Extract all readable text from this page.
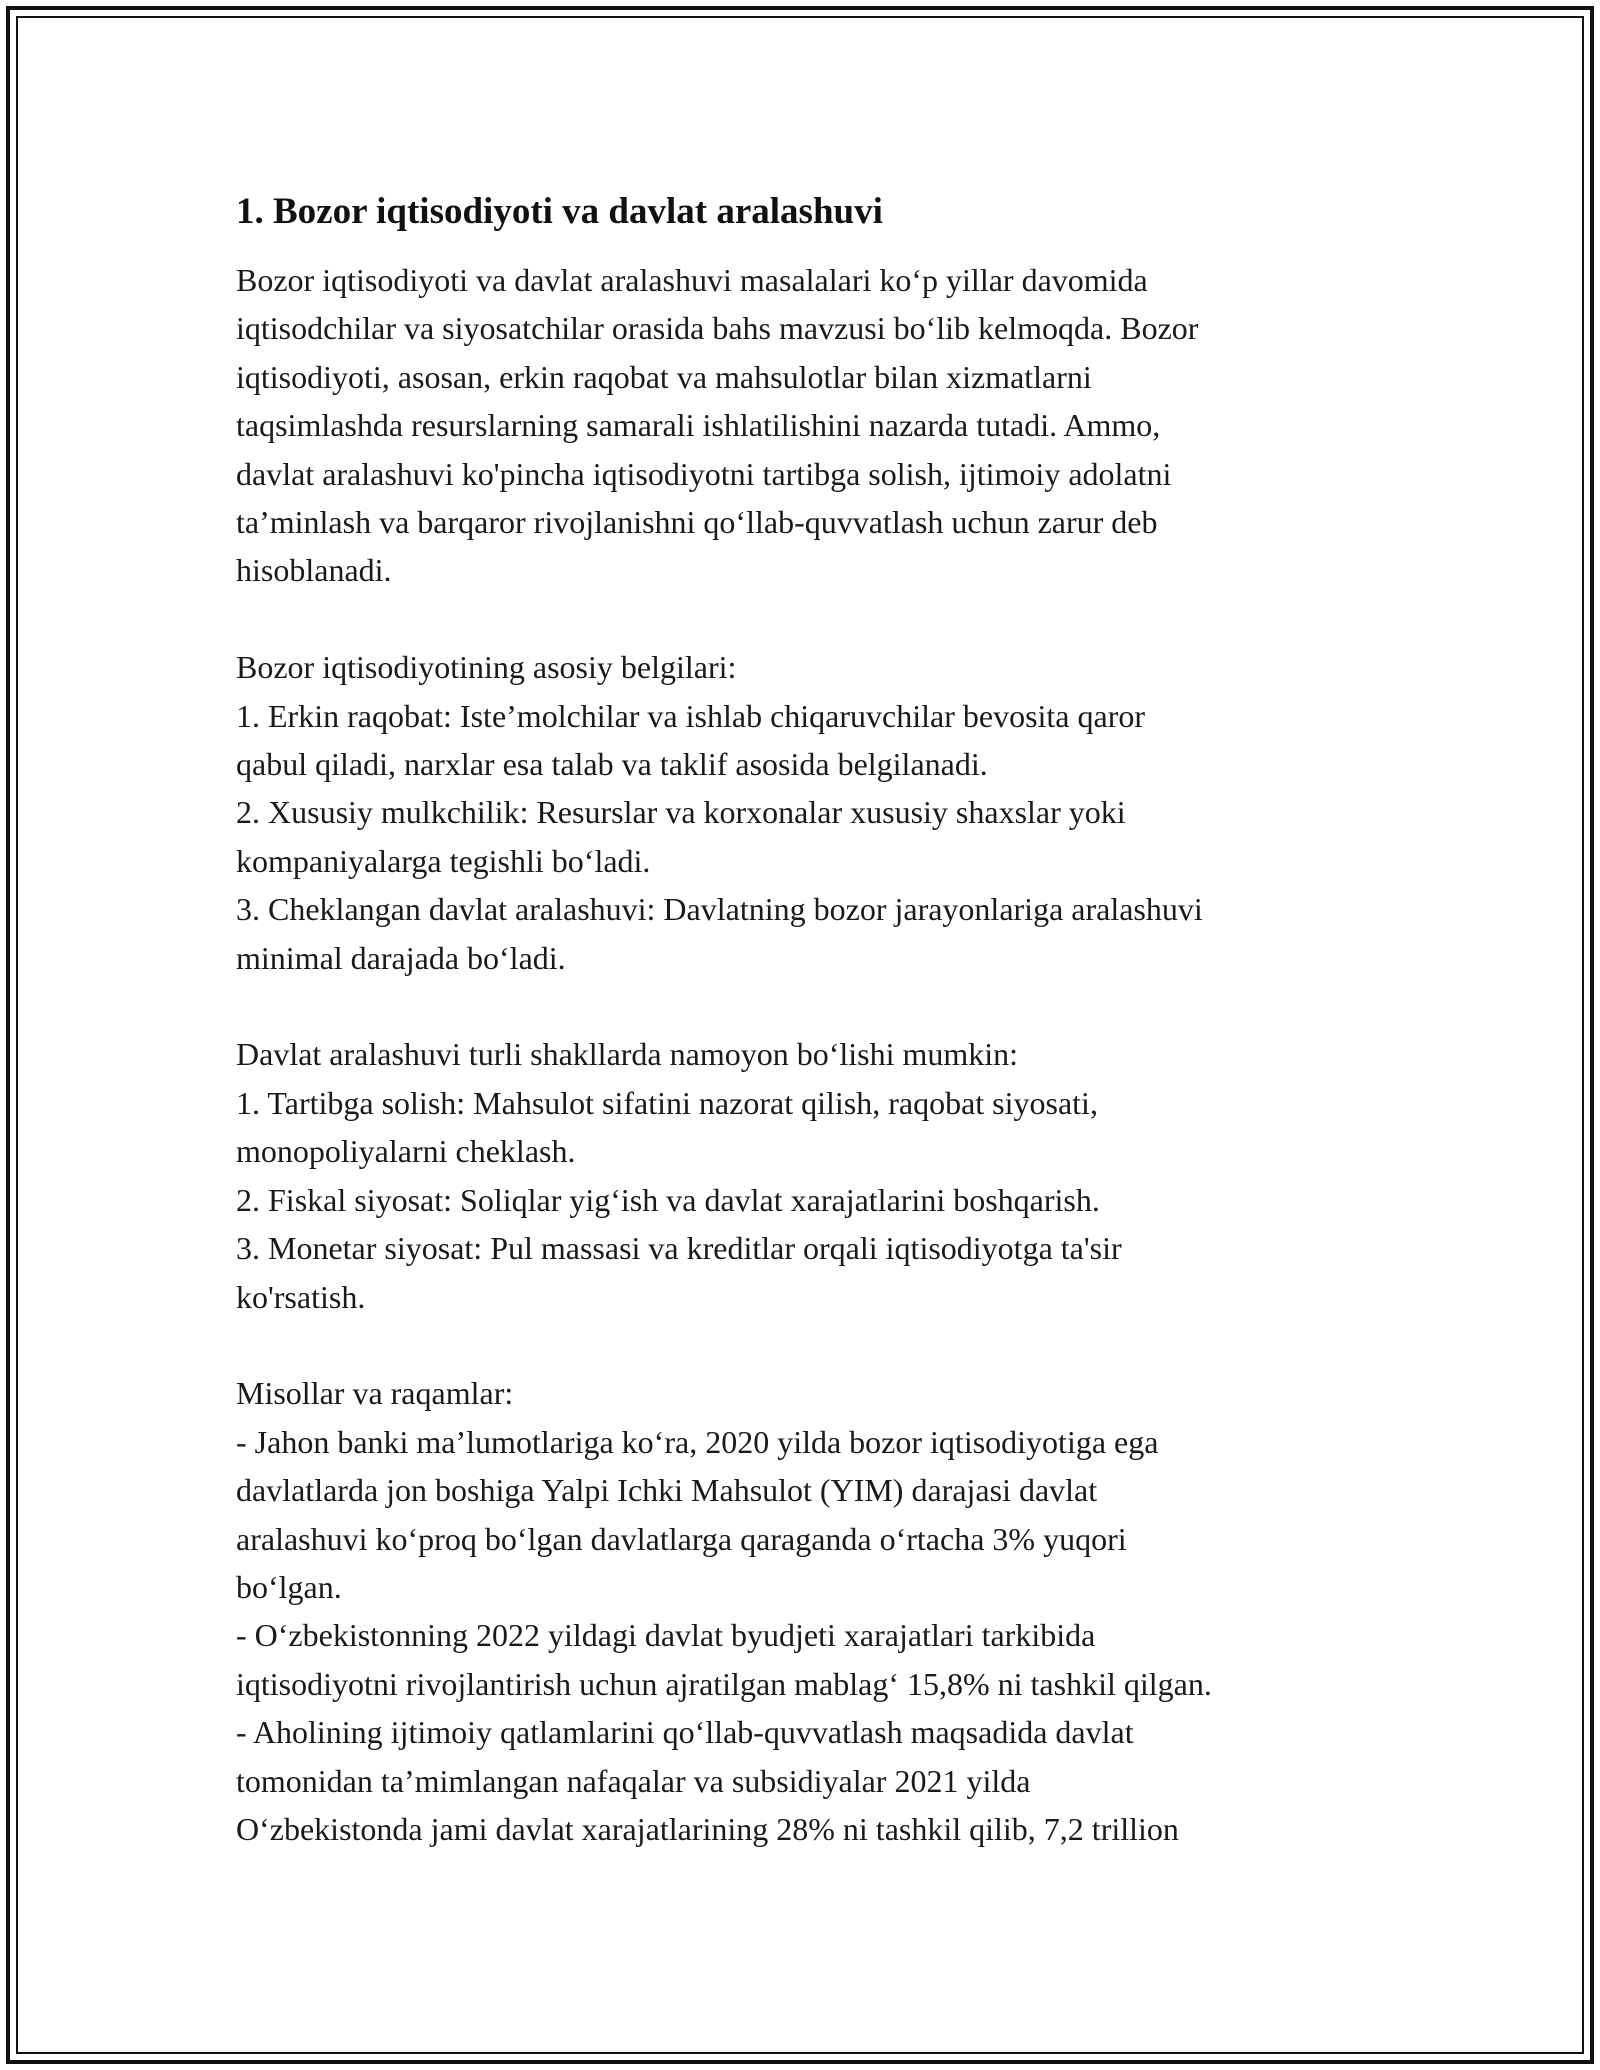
1. Bozor iqtisodiyoti va davlat aralashuvi
Bozor iqtisodiyoti va davlat aralashuvi masalalari ko‘p yillar davomida
iqtisodchilar va siyosatchilar orasida bahs mavzusi bo‘lib kelmoqda. Bozor
iqtisodiyoti, asosan, erkin raqobat va mahsulotlar bilan xizmatlarni
taqsimlashda resurslarning samarali ishlatilishini nazarda tutadi. Ammo,
davlat aralashuvi ko'pincha iqtisodiyotni tartibga solish, ijtimoiy adolatni
ta’minlash va barqaror rivojlanishni qo‘llab-quvvatlash uchun zarur deb
hisoblanadi.
Bozor iqtisodiyotining asosiy belgilari:
1. Erkin raqobat: Iste’molchilar va ishlab chiqaruvchilar bevosita qaror
qabul qiladi, narxlar esa talab va taklif asosida belgilanadi.
2. Xususiy mulkchilik: Resurslar va korxonalar xususiy shaxslar yoki
kompaniyalarga tegishli bo‘ladi.
3. Cheklangan davlat aralashuvi: Davlatning bozor jarayonlariga aralashuvi
minimal darajada bo‘ladi.
Davlat aralashuvi turli shakllarda namoyon bo‘lishi mumkin:
1. Tartibga solish: Mahsulot sifatini nazorat qilish, raqobat siyosati,
monopoliyalarni cheklash.
2. Fiskal siyosat: Soliqlar yig‘ish va davlat xarajatlarini boshqarish.
3. Monetar siyosat: Pul massasi va kreditlar orqali iqtisodiyotga ta'sir
ko'rsatish.
Misollar va raqamlar:
- Jahon banki ma’lumotlariga ko‘ra, 2020 yilda bozor iqtisodiyotiga ega
davlatlarda jon boshiga Yalpi Ichki Mahsulot (YIM) darajasi davlat
aralashuvi ko‘proq bo‘lgan davlatlarga qaraganda o‘rtacha 3% yuqori
bo‘lgan.
- O‘zbekistonning 2022 yildagi davlat byudjeti xarajatlari tarkibida
iqtisodiyotni rivojlantirish uchun ajratilgan mablag‘ 15,8% ni tashkil qilgan.
- Aholining ijtimoiy qatlamlarini qo‘llab-quvvatlash maqsadida davlat
tomonidan ta’mimlangan nafaqalar va subsidiyalar 2021 yilda
O‘zbekistonda jami davlat xarajatlarining 28% ni tashkil qilib, 7,2 trillion
